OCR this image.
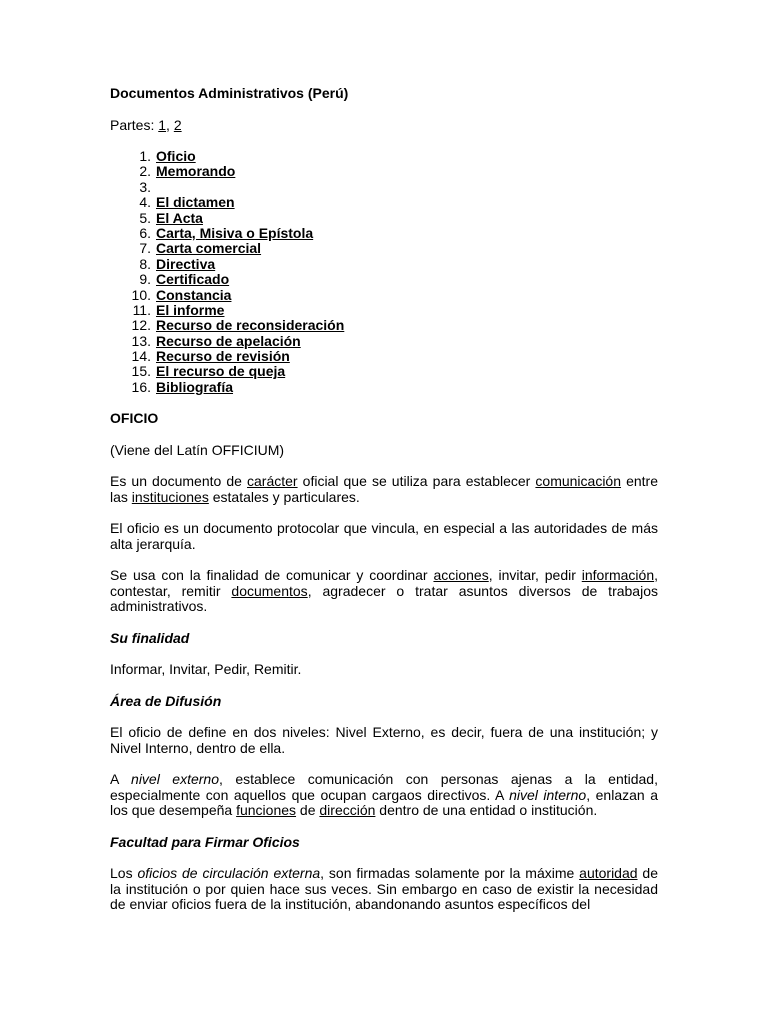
Documentos Administrativos (Perú)
Partes: 1, 2
1. Oficio
2. Memorando
3.
4. El dictamen
5. El Acta
6. Carta, Misiva o Epístola
7. Carta comercial
8. Directiva
9. Certificado
10. Constancia
11. El informe
12. Recurso de reconsideración
13. Recurso de apelación
14. Recurso de revisión
15. El recurso de queja
16. Bibliografía
OFICIO

(Viene del Latín OFFICIUM)

Es un documento de carácter oficial que se utiliza para establecer comunicación entre las instituciones estatales y particulares.

El oficio es un documento protocolar que vincula, en especial a las autoridades de más alta jerarquía.

Se usa con la finalidad de comunicar y coordinar acciones, invitar, pedir información, contestar, remitir documentos, agradecer o tratar asuntos diversos de trabajos administrativos.

Su finalidad

Informar, Invitar, Pedir, Remitir.

Área de Difusión

El oficio de define en dos niveles: Nivel Externo, es decir, fuera de una institución; y Nivel Interno, dentro de ella.

A nivel externo, establece comunicación con personas ajenas a la entidad, especialmente con aquellos que ocupan cargaos directivos. A nivel interno, enlazan a los que desempeña funciones de dirección dentro de una entidad o institución.

Facultad para Firmar Oficios

Los oficios de circulación externa, son firmadas solamente por la máxime autoridad de la institución o por quien hace sus veces. Sin embargo en caso de existir la necesidad de enviar oficios fuera de la institución, abandonando asuntos específicos del
